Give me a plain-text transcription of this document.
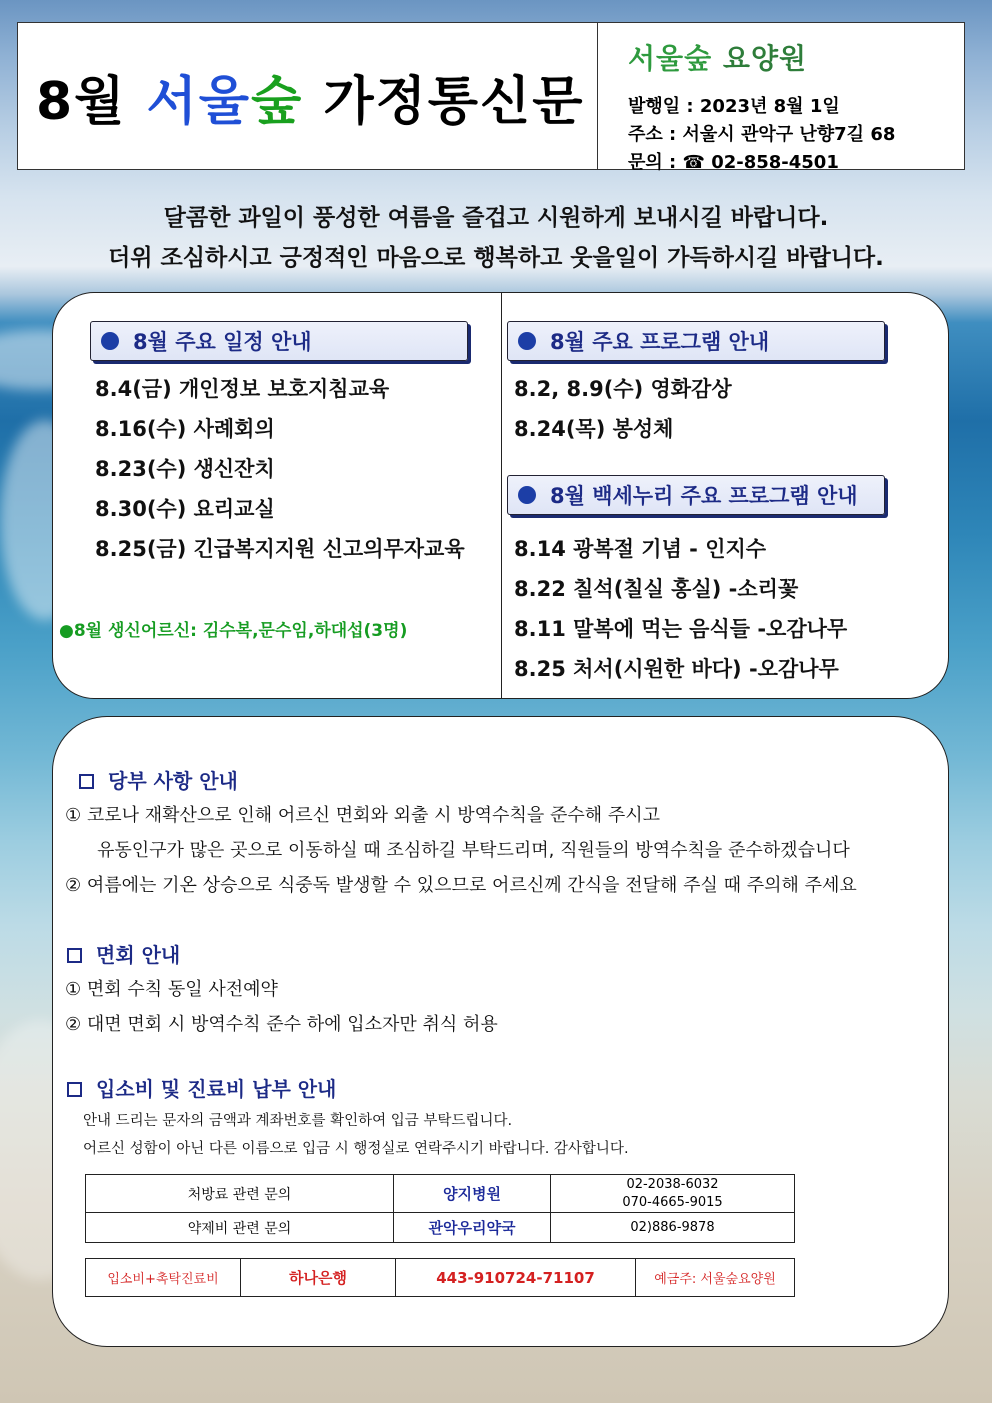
8월 서울 숲 가정통신문
서울숲 요양원
발행일 : 2023년 8월 1일
주소 : 서울시 관악구 난향7길 68
문의 : ☎ 02-858-4501
달콤한 과일이 풍성한 여름을 즐겁고 시원하게 보내시길 바랍니다.
더위 조심하시고 긍정적인 마음으로 행복하고 웃을일이 가득하시길 바랍니다.
8월 주요 일정 안내
8.4(금) 개인정보 보호지침교육
8.16(수) 사례회의
8.23(수) 생신잔치
8.30(수) 요리교실
8.25(금) 긴급복지지원 신고의무자교육
●8월 생신어르신: 김수복,문수임,하대섭(3명)
8월 주요 프로그램 안내
8.2, 8.9(수) 영화감상
8.24(목) 봉성체
8월 백세누리 주요 프로그램 안내
8.14 광복절 기념 - 인지수
8.22 칠석(칠실 홍실) -소리꽃
8.11 말복에 먹는 음식들 -오감나무
8.25 처서(시원한 바다) -오감나무
당부 사항 안내
① 코로나 재확산으로 인해 어르신 면회와 외출 시 방역수칙을 준수해 주시고
유동인구가 많은 곳으로 이동하실 때 조심하길 부탁드리며, 직원들의 방역수칙을 준수하겠습니다
② 여름에는 기온 상승으로 식중독 발생할 수 있으므로 어르신께 간식을 전달해 주실 때 주의해 주세요
면회 안내
① 면회 수칙 동일 사전예약
② 대면 면회 시 방역수칙 준수 하에 입소자만 취식 허용
입소비 및 진료비 납부 안내
안내 드리는 문자의 금액과 계좌번호를 확인하여 입금 부탁드립니다.
어르신 성함이 아닌 다른 이름으로 입금 시 행정실로 연락주시기 바랍니다. 감사합니다.
처방료 관련 문의	양지병원	02-2038-6032
070-4665-9015

약제비 관련 문의	관악우리약국	02)886-9878
입소비+촉탁진료비	하나은행	443-910724-71107	예금주: 서울숲요양원
